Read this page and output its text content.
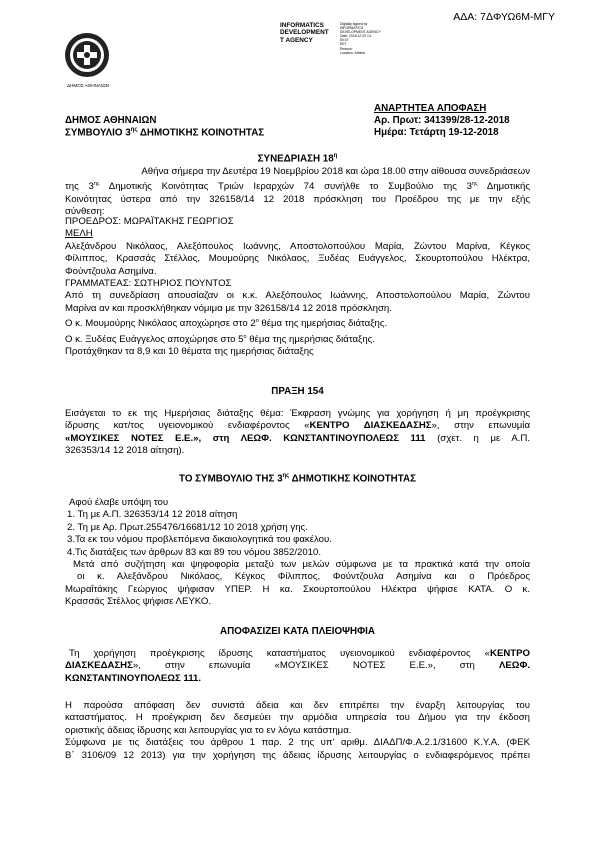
ΑΔΑ: 7ΔΦΥΩ6Μ-ΜΓΥ
INFORMATICS
DEVELOPMENT
T AGENCY
Digitally signed by
INFORMATICS
DEVELOPMENT AGENCY
Date: 2018.12.20 14:
50:47
EET
Reason:
Location: Athens
ΔΗΜΟΣ ΑΘΗΝΑΙΩΝ
ΑΝΑΡΤΗΤΕΑ ΑΠΟΦΑΣΗ
ΔΗΜΟΣ ΑΘΗΝΑΙΩΝ	Αρ. Πρωτ: 341399/28-12-2018
ΣΥΜΒΟΥΛΙΟ $3^{\eta\varsigma}$ ΔΗΜΟΤΙΚΗΣ ΚΟΙΝΟΤΗΤΑΣ	Ημέρα: Τετάρτη 19-12-2018
ΣΥΝΕΔΡΙΑΣΗ $18^\eta$

Αθήνα σήμερα την Δευτέρα 19 Νοεμβρίου 2018 και ώρα 18.00 στην αίθουσα συνεδριάσεων

της $3^{\eta\varsigma}$ Δημοτικής Κοινότητας Τριών Ιεραρχών 74 συνήλθε το Συμβούλιο της $3^{\eta\varsigma}$ Δημοτικής

Κοινότητας ύστερα από την 326158/14 12 2018 πρόσκληση του Προέδρου της με την εξής

σύνθεση:

ΠΡΟΕΔΡΟΣ: ΜΩΡΑΪΤΑΚΗΣ ΓΕΩΡΓΙΟΣ

ΜΕΛΗ

Αλεξάνδρου Νικόλαος, Αλεξόπουλος Ιωάννης, Αποστολοπούλου Μαρία, Ζώντου Μαρίνα, Κέγκος

Φίλιππος, Κρασσάς Στέλλος, Μουμούρης Νικόλαος, Ξυδέας Ευάγγελος, Σκουρτοπούλου Ηλέκτρα,

Φούντζουλα Ασημίνα.

ΓΡΑΜΜΑΤΕΑΣ: ΣΩΤΗΡΙΟΣ ΠΟΥΝΤΟΣ

Από τη συνεδρίαση απουσίαζαν οι κ.κ. Αλεξόπουλος Ιωάννης, Αποστολοπούλου Μαρία, Ζώντου

Μαρίνα αν και προσκλήθηκαν νόμιμα με την 326158/14 12 2018 πρόσκληση.

Ο κ. Μουμούρης Νικόλαος αποχώρησε στο $2^o$ θέμα της ημερήσιας διάταξης.

Ο κ. Ξυδέας Ευάγγελος αποχώρησε στο $5^o$ θέμα της ημερήσιας διάταξης.

Προτάχθηκαν τα 8,9 και 10 θέματα της ημερήσιας διάταξης

ΠΡΑΞΗ 154

Εισάγεται το εκ της Ημερήσιας διάταξης θέμα: Έκφραση γνώμης για χορήγηση ή μη προέγκρισης

ίδρυσης κατ/τος υγειονομικού ενδιαφέροντος «ΚΕΝΤΡΟ ΔΙΑΣΚΕΔΑΣΗΣ», στην επωνυμία

«ΜΟΥΣΙΚΕΣ ΝΟΤΕΣ Ε.Ε.», στη ΛΕΩΦ. ΚΩΝΣΤΑΝΤΙΝΟΥΠΟΛΕΩΣ 111 (σχετ. η με Α.Π.

326353/14 12 2018 αίτηση).

ΤΟ ΣΥΜΒΟΥΛΙΟ ΤΗΣ $3^{\eta\varsigma}$ ΔΗΜΟΤΙΚΗΣ ΚΟΙΝΟΤΗΤΑΣ

Αφού έλαβε υπόψη του

1. Τη με Α.Π. 326353/14 12 2018 αίτηση

2. Τη με Αρ. Πρωτ.255476/16681/12 10 2018 χρήση γης.

3.Τα εκ του νόμου προβλεπόμενα δικαιολογητικά του φακέλου.

4.Τις διατάξεις των άρθρων 83 και 89 του νόμου 3852/2010.

Μετά από συζήτηση και ψηφοφορία μεταξύ των μελών σύμφωνα με τα πρακτικά κατά την οποία

οι κ. Αλεξάνδρου Νικόλαος, Κέγκος Φίλιππος, Φούντζουλα Ασημίνα και ο Πρόεδρος

Μωραΐτάκης Γεώργιος ψήφισαν ΥΠΕΡ. Η κα. Σκουρτοπούλου Ηλέκτρα ψήφισε ΚΑΤΑ. Ο κ.

Κρασσάς Στέλλος ψήφισε ΛΕΥΚΟ.

ΑΠΟΦΑΣΙΖΕΙ ΚΑΤΑ ΠΛΕΙΟΨΗΦΙΑ

Τη χορήγηση προέγκρισης ίδρυσης καταστήματος υγειονομικού ενδιαφέροντος «ΚΕΝΤΡΟ

ΔΙΑΣΚΕΔΑΣΗΣ», στην επωνυμία «ΜΟΥΣΙΚΕΣ ΝΟΤΕΣ Ε.Ε.», στη ΛΕΩΦ.

ΚΩΝΣΤΑΝΤΙΝΟΥΠΟΛΕΩΣ 111.

Η παρούσα απόφαση δεν συνιστά άδεια και δεν επιτρέπει την έναρξη λειτουργίας του

καταστήματος. Η προέγκριση δεν δεσμεύει την αρμόδια υπηρεσία του Δήμου για την έκδοση

οριστικής άδειας ίδρυσης και λειτουργίας για το εν λόγω κατάστημα.

Σύμφωνα με τις διατάξεις του άρθρου 1 παρ. 2 της υπ' αριθμ. ΔΙΑΔΠ/Φ.Α.2.1/31600 Κ.Υ.Α. (ΦΕΚ

Β΄ 3106/09 12 2013) για την χορήγηση της άδειας ίδρυσης λειτουργίας ο ενδιαφερόμενος πρέπει
